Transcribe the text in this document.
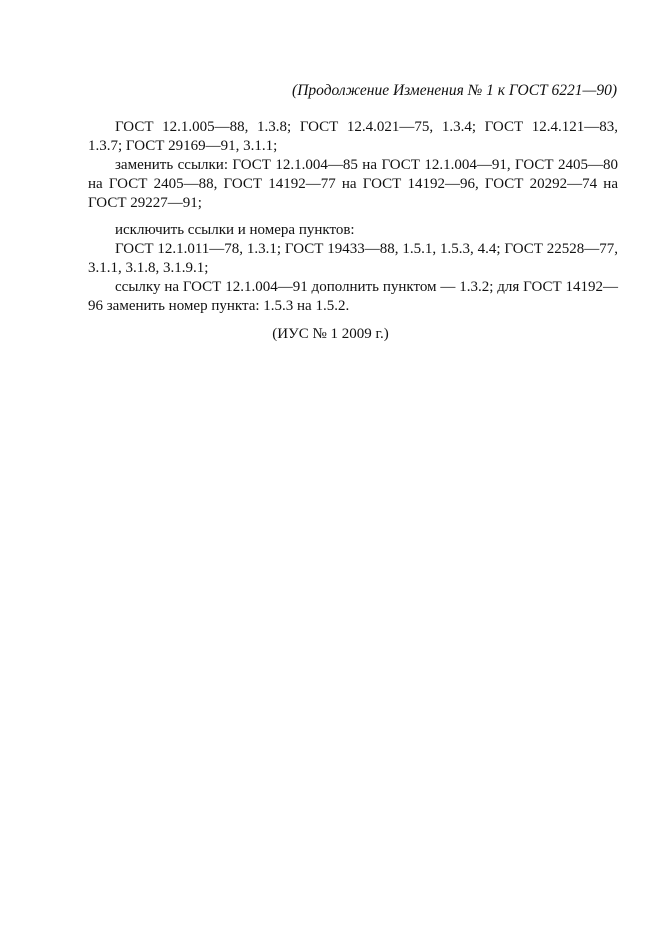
(Продолжение Изменения № 1 к ГОСТ 6221—90)

ГОСТ 12.1.005—88, 1.3.8; ГОСТ 12.4.021—75, 1.3.4; ГОСТ 12.4.121—83, 1.3.7; ГОСТ 29169—91, 3.1.1;

заменить ссылки: ГОСТ 12.1.004—85 на ГОСТ 12.1.004—91, ГОСТ 2405—80 на ГОСТ 2405—88, ГОСТ 14192—77 на ГОСТ 14192—96, ГОСТ 20292—74 на ГОСТ 29227—91;

исключить ссылки и номера пунктов:

ГОСТ 12.1.011—78, 1.3.1; ГОСТ 19433—88, 1.5.1, 1.5.3, 4.4; ГОСТ 22528—77, 3.1.1, 3.1.8, 3.1.9.1;

ссылку на ГОСТ 12.1.004—91 дополнить пунктом — 1.3.2; для ГОСТ 14192—96 заменить номер пункта: 1.5.3 на 1.5.2.

(ИУС № 1 2009 г.)
